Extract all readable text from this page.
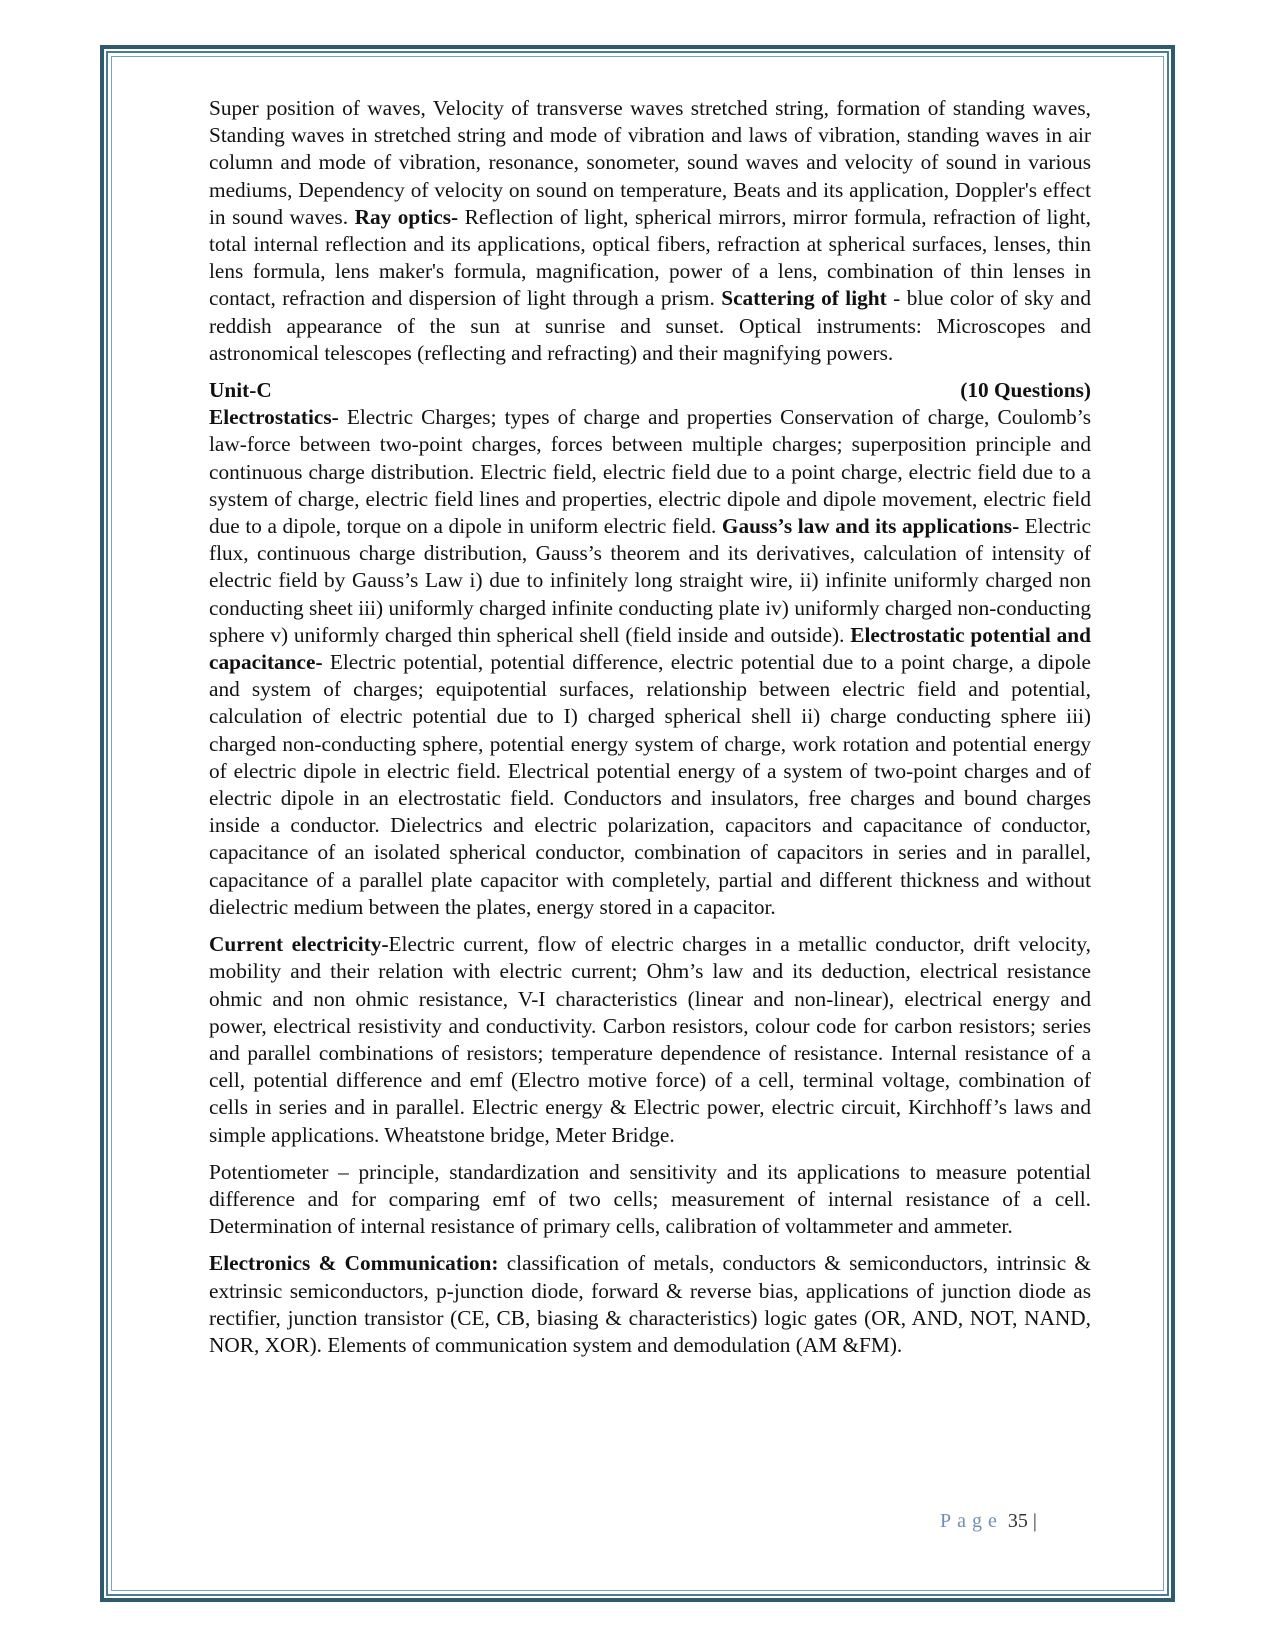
Super position of waves, Velocity of transverse waves stretched string, formation of standing waves, Standing waves in stretched string and mode of vibration and laws of vibration, standing waves in air column and mode of vibration, resonance, sonometer, sound waves and velocity of sound in various mediums, Dependency of velocity on sound on temperature, Beats and its application, Doppler's effect in sound waves. Ray optics- Reflection of light, spherical mirrors, mirror formula, refraction of light, total internal reflection and its applications, optical fibers, refraction at spherical surfaces, lenses, thin lens formula, lens maker's formula, magnification, power of a lens, combination of thin lenses in contact, refraction and dispersion of light through a prism. Scattering of light - blue color of sky and reddish appearance of the sun at sunrise and sunset. Optical instruments: Microscopes and astronomical telescopes (reflecting and refracting) and their magnifying powers.

Unit-C	(10 Questions)

Electrostatics- Electric Charges; types of charge and properties Conservation of charge, Coulomb’s law-force between two-point charges, forces between multiple charges; superposition principle and continuous charge distribution. Electric field, electric field due to a point charge, electric field due to a system of charge, electric field lines and properties, electric dipole and dipole movement, electric field due to a dipole, torque on a dipole in uniform electric field. Gauss’s law and its applications- Electric flux, continuous charge distribution, Gauss’s theorem and its derivatives, calculation of intensity of electric field by Gauss’s Law i) due to infinitely long straight wire, ii) infinite uniformly charged non conducting sheet iii) uniformly charged infinite conducting plate iv) uniformly charged non-conducting sphere v) uniformly charged thin spherical shell (field inside and outside). Electrostatic potential and capacitance- Electric potential, potential difference, electric potential due to a point charge, a dipole and system of charges; equipotential surfaces, relationship between electric field and potential, calculation of electric potential due to I) charged spherical shell ii) charge conducting sphere iii) charged non-conducting sphere, potential energy system of charge, work rotation and potential energy of electric dipole in electric field. Electrical potential energy of a system of two-point charges and of electric dipole in an electrostatic field. Conductors and insulators, free charges and bound charges inside a conductor. Dielectrics and electric polarization, capacitors and capacitance of conductor, capacitance of an isolated spherical conductor, combination of capacitors in series and in parallel, capacitance of a parallel plate capacitor with completely, partial and different thickness and without dielectric medium between the plates, energy stored in a capacitor.

Current electricity-Electric current, flow of electric charges in a metallic conductor, drift velocity, mobility and their relation with electric current; Ohm’s law and its deduction, electrical resistance ohmic and non ohmic resistance, V-I characteristics (linear and non-linear), electrical energy and power, electrical resistivity and conductivity. Carbon resistors, colour code for carbon resistors; series and parallel combinations of resistors; temperature dependence of resistance. Internal resistance of a cell, potential difference and emf (Electro motive force) of a cell, terminal voltage, combination of cells in series and in parallel. Electric energy & Electric power, electric circuit, Kirchhoff’s laws and simple applications. Wheatstone bridge, Meter Bridge.

Potentiometer – principle, standardization and sensitivity and its applications to measure potential difference and for comparing emf of two cells; measurement of internal resistance of a cell. Determination of internal resistance of primary cells, calibration of voltammeter and ammeter.

Electronics & Communication: classification of metals, conductors & semiconductors, intrinsic & extrinsic semiconductors, p-junction diode, forward & reverse bias, applications of junction diode as rectifier, junction transistor (CE, CB, biasing & characteristics) logic gates (OR, AND, NOT, NAND, NOR, XOR). Elements of communication system and demodulation (AM &FM).

Page 35 |
